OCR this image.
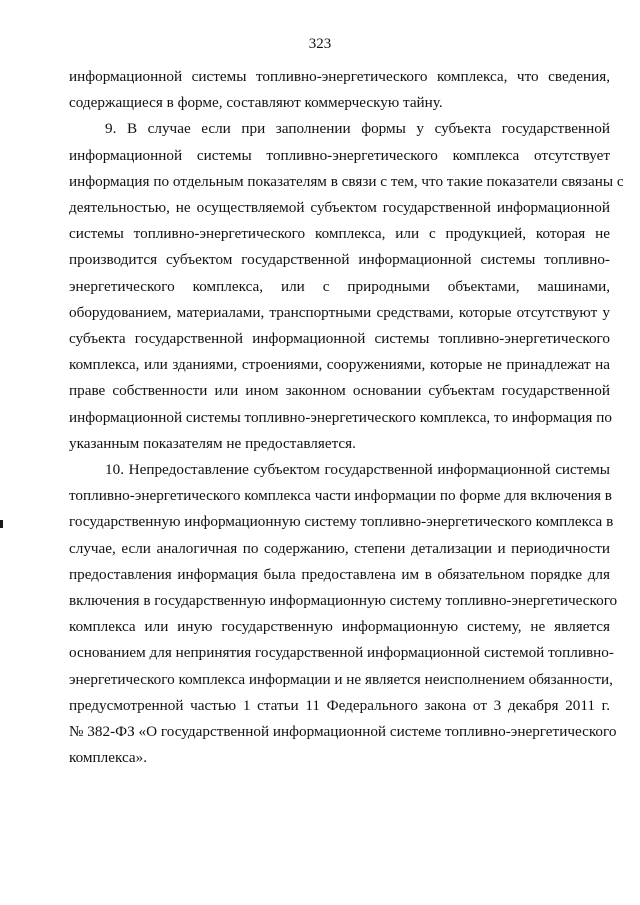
323
информационной системы топливно-энергетического комплекса, что сведения,
содержащиеся в форме, составляют коммерческую тайну.
9. В случае если при заполнении формы у субъекта государственной
информационной системы топливно-энергетического комплекса отсутствует
информация по отдельным показателям в связи с тем, что такие показатели связаны с
деятельностью, не осуществляемой субъектом государственной информационной
системы топливно-энергетического комплекса, или с продукцией, которая не
производится субъектом государственной информационной системы топливно-
энергетического комплекса, или с природными объектами, машинами,
оборудованием, материалами, транспортными средствами, которые отсутствуют у
субъекта государственной информационной системы топливно-энергетического
комплекса, или зданиями, строениями, сооружениями, которые не принадлежат на
праве собственности или ином законном основании субъектам государственной
информационной системы топливно-энергетического комплекса, то информация по
указанным показателям не предоставляется.
10. Непредоставление субъектом государственной информационной системы
топливно-энергетического комплекса части информации по форме для включения в
государственную информационную систему топливно-энергетического комплекса в
случае, если аналогичная по содержанию, степени детализации и периодичности
предоставления информация была предоставлена им в обязательном порядке для
включения в государственную информационную систему топливно-энергетического
комплекса или иную государственную информационную систему, не является
основанием для непринятия государственной информационной системой топливно-
энергетического комплекса информации и не является неисполнением обязанности,
предусмотренной частью 1 статьи 11 Федерального закона от 3 декабря 2011 г.
№ 382-ФЗ «О государственной информационной системе топливно-энергетического
комплекса».
